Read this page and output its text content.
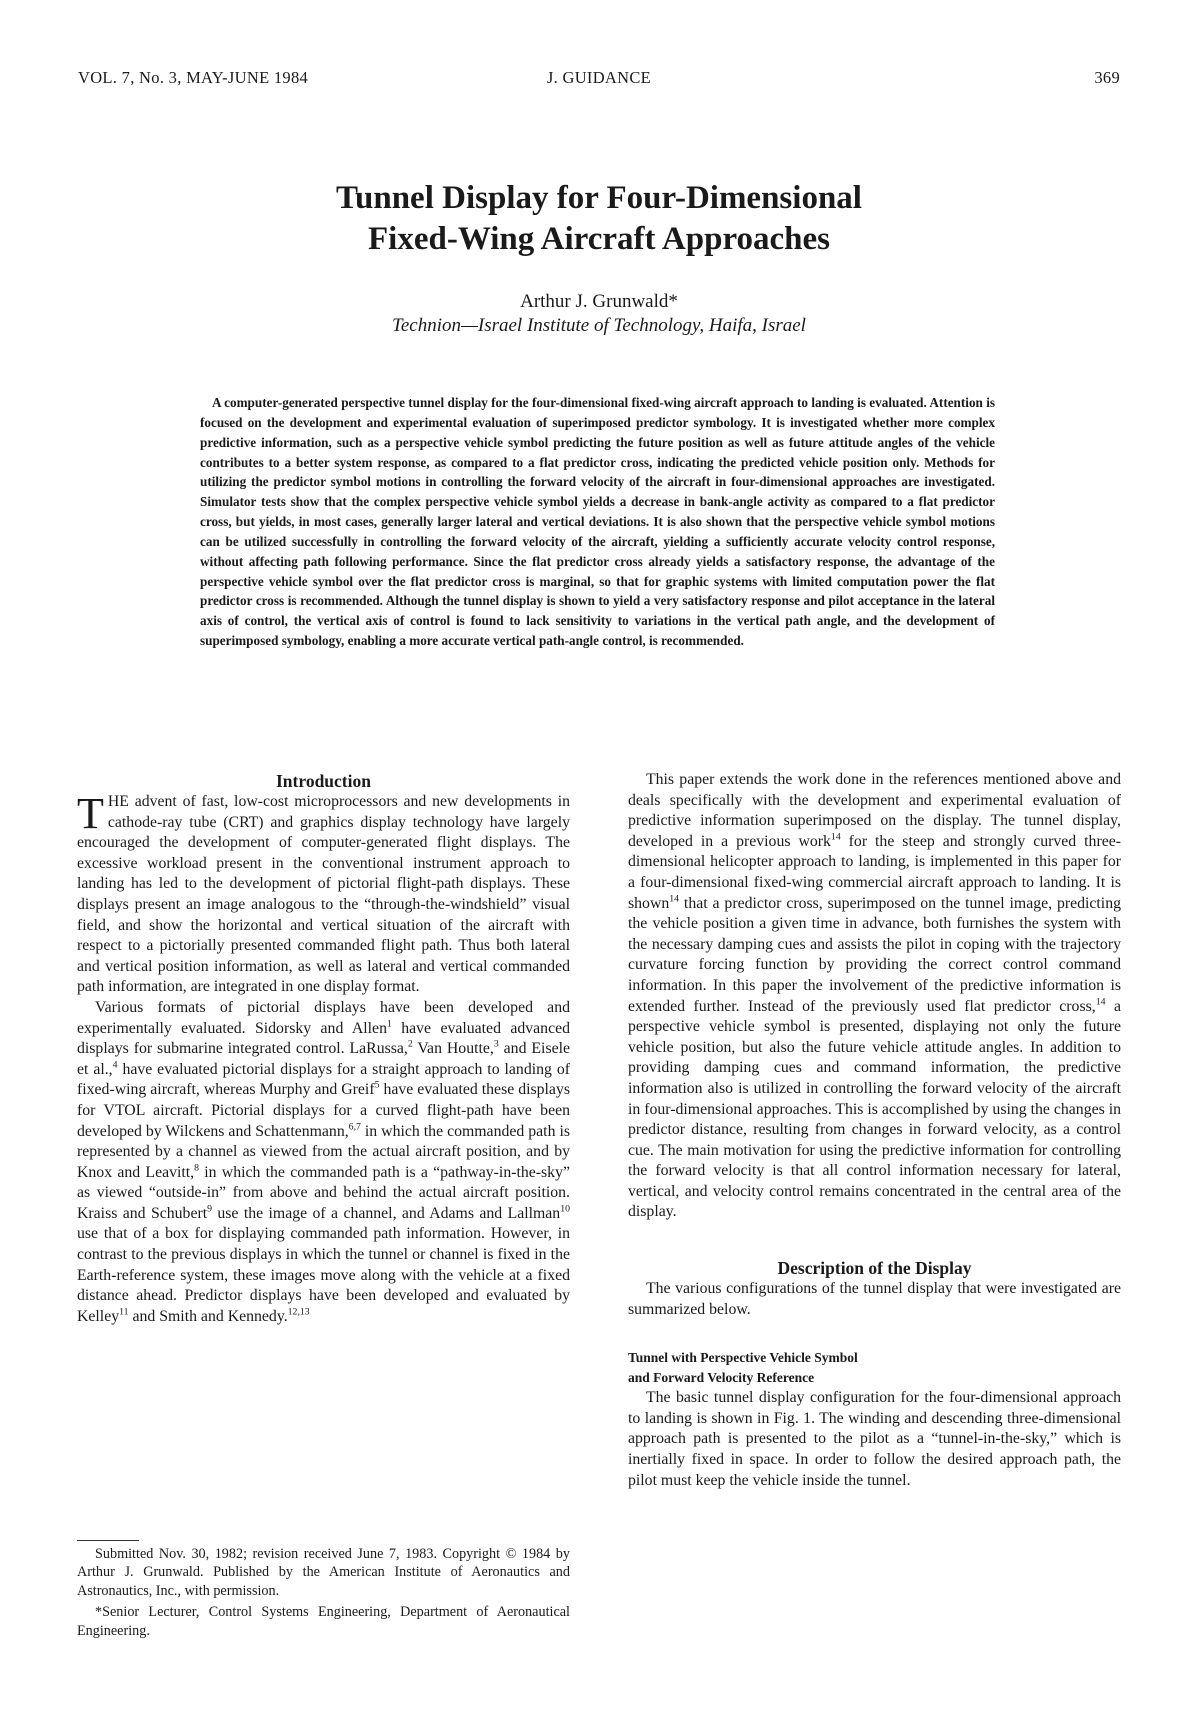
VOL. 7, No. 3, MAY-JUNE 1984	J. GUIDANCE	369
Tunnel Display for Four-Dimensional
Fixed-Wing Aircraft Approaches
Arthur J. Grunwald*
Technion—Israel Institute of Technology, Haifa, Israel

A computer-generated perspective tunnel display for the four-dimensional fixed-wing aircraft approach to landing is evaluated. Attention is focused on the development and experimental evaluation of superimposed predictor symbology. It is investigated whether more complex predictive information, such as a perspective vehicle symbol predicting the future position as well as future attitude angles of the vehicle contributes to a better system response, as compared to a flat predictor cross, indicating the predicted vehicle position only. Methods for utilizing the predictor symbol motions in controlling the forward velocity of the aircraft in four-dimensional approaches are investigated. Simulator tests show that the complex perspective vehicle symbol yields a decrease in bank-angle activity as compared to a flat predictor cross, but yields, in most cases, generally larger lateral and vertical deviations. It is also shown that the perspective vehicle symbol motions can be utilized successfully in controlling the forward velocity of the aircraft, yielding a sufficiently accurate velocity control response, without affecting path following performance. Since the flat predictor cross already yields a satisfactory response, the advantage of the perspective vehicle symbol over the flat predictor cross is marginal, so that for graphic systems with limited computation power the flat predictor cross is recommended. Although the tunnel display is shown to yield a very satisfactory response and pilot acceptance in the lateral axis of control, the vertical axis of control is found to lack sensitivity to variations in the vertical path angle, and the development of superimposed symbology, enabling a more accurate vertical path-angle control, is recommended.

Introduction

THE advent of fast, low-cost microprocessors and new developments in cathode-ray tube (CRT) and graphics display technology have largely encouraged the development of computer-generated flight displays. The excessive workload present in the conventional instrument approach to landing has led to the development of pictorial flight-path displays. These displays present an image analogous to the “through-the-windshield” visual field, and show the horizontal and vertical situation of the aircraft with respect to a pictorially presented commanded flight path. Thus both lateral and vertical position information, as well as lateral and vertical commanded path information, are integrated in one display format.

Various formats of pictorial displays have been developed and experimentally evaluated. Sidorsky and Allen$^1$ have evaluated advanced displays for submarine integrated control. LaRussa,$^2$ Van Houtte,$^3$ and Eisele et al.,$^4$ have evaluated pictorial displays for a straight approach to landing of fixed-wing aircraft, whereas Murphy and Greif$^5$ have evaluated these displays for VTOL aircraft. Pictorial displays for a curved flight-path have been developed by Wilckens and Schattenmann,$^{6,7}$ in which the commanded path is represented by a channel as viewed from the actual aircraft position, and by Knox and Leavitt,$^8$ in which the commanded path is a “pathway-in-the-sky” as viewed “outside-in” from above and behind the actual aircraft position. Kraiss and Schubert$^9$ use the image of a channel, and Adams and Lallman$^{10}$ use that of a box for displaying commanded path information. However, in contrast to the previous displays in which the tunnel or channel is fixed in the Earth-reference system, these images move along with the vehicle at a fixed distance ahead. Predictor displays have been developed and evaluated by Kelley$^{11}$ and Smith and Kennedy.$^{12,13}$

This paper extends the work done in the references mentioned above and deals specifically with the development and experimental evaluation of predictive information superimposed on the display. The tunnel display, developed in a previous work$^{14}$ for the steep and strongly curved three-dimensional helicopter approach to landing, is implemented in this paper for a four-dimensional fixed-wing commercial aircraft approach to landing. It is shown$^{14}$ that a predictor cross, superimposed on the tunnel image, predicting the vehicle position a given time in advance, both furnishes the system with the necessary damping cues and assists the pilot in coping with the trajectory curvature forcing function by providing the correct control command information. In this paper the involvement of the predictive information is extended further. Instead of the previously used flat predictor cross,$^{14}$ a perspective vehicle symbol is presented, displaying not only the future vehicle position, but also the future vehicle attitude angles. In addition to providing damping cues and command information, the predictive information also is utilized in controlling the forward velocity of the aircraft in four-dimensional approaches. This is accomplished by using the changes in predictor distance, resulting from changes in forward velocity, as a control cue. The main motivation for using the predictive information for controlling the forward velocity is that all control information necessary for lateral, vertical, and velocity control remains concentrated in the central area of the display.

Description of the Display

The various configurations of the tunnel display that were investigated are summarized below.

Tunnel with Perspective Vehicle Symbol
and Forward Velocity Reference

The basic tunnel display configuration for the four-dimensional approach to landing is shown in Fig. 1. The winding and descending three-dimensional approach path is presented to the pilot as a “tunnel-in-the-sky,” which is inertially fixed in space. In order to follow the desired approach path, the pilot must keep the vehicle inside the tunnel.

Submitted Nov. 30, 1982; revision received June 7, 1983. Copyright © 1984 by Arthur J. Grunwald. Published by the American Institute of Aeronautics and Astronautics, Inc., with permission.

*Senior Lecturer, Control Systems Engineering, Department of Aeronautical Engineering.
